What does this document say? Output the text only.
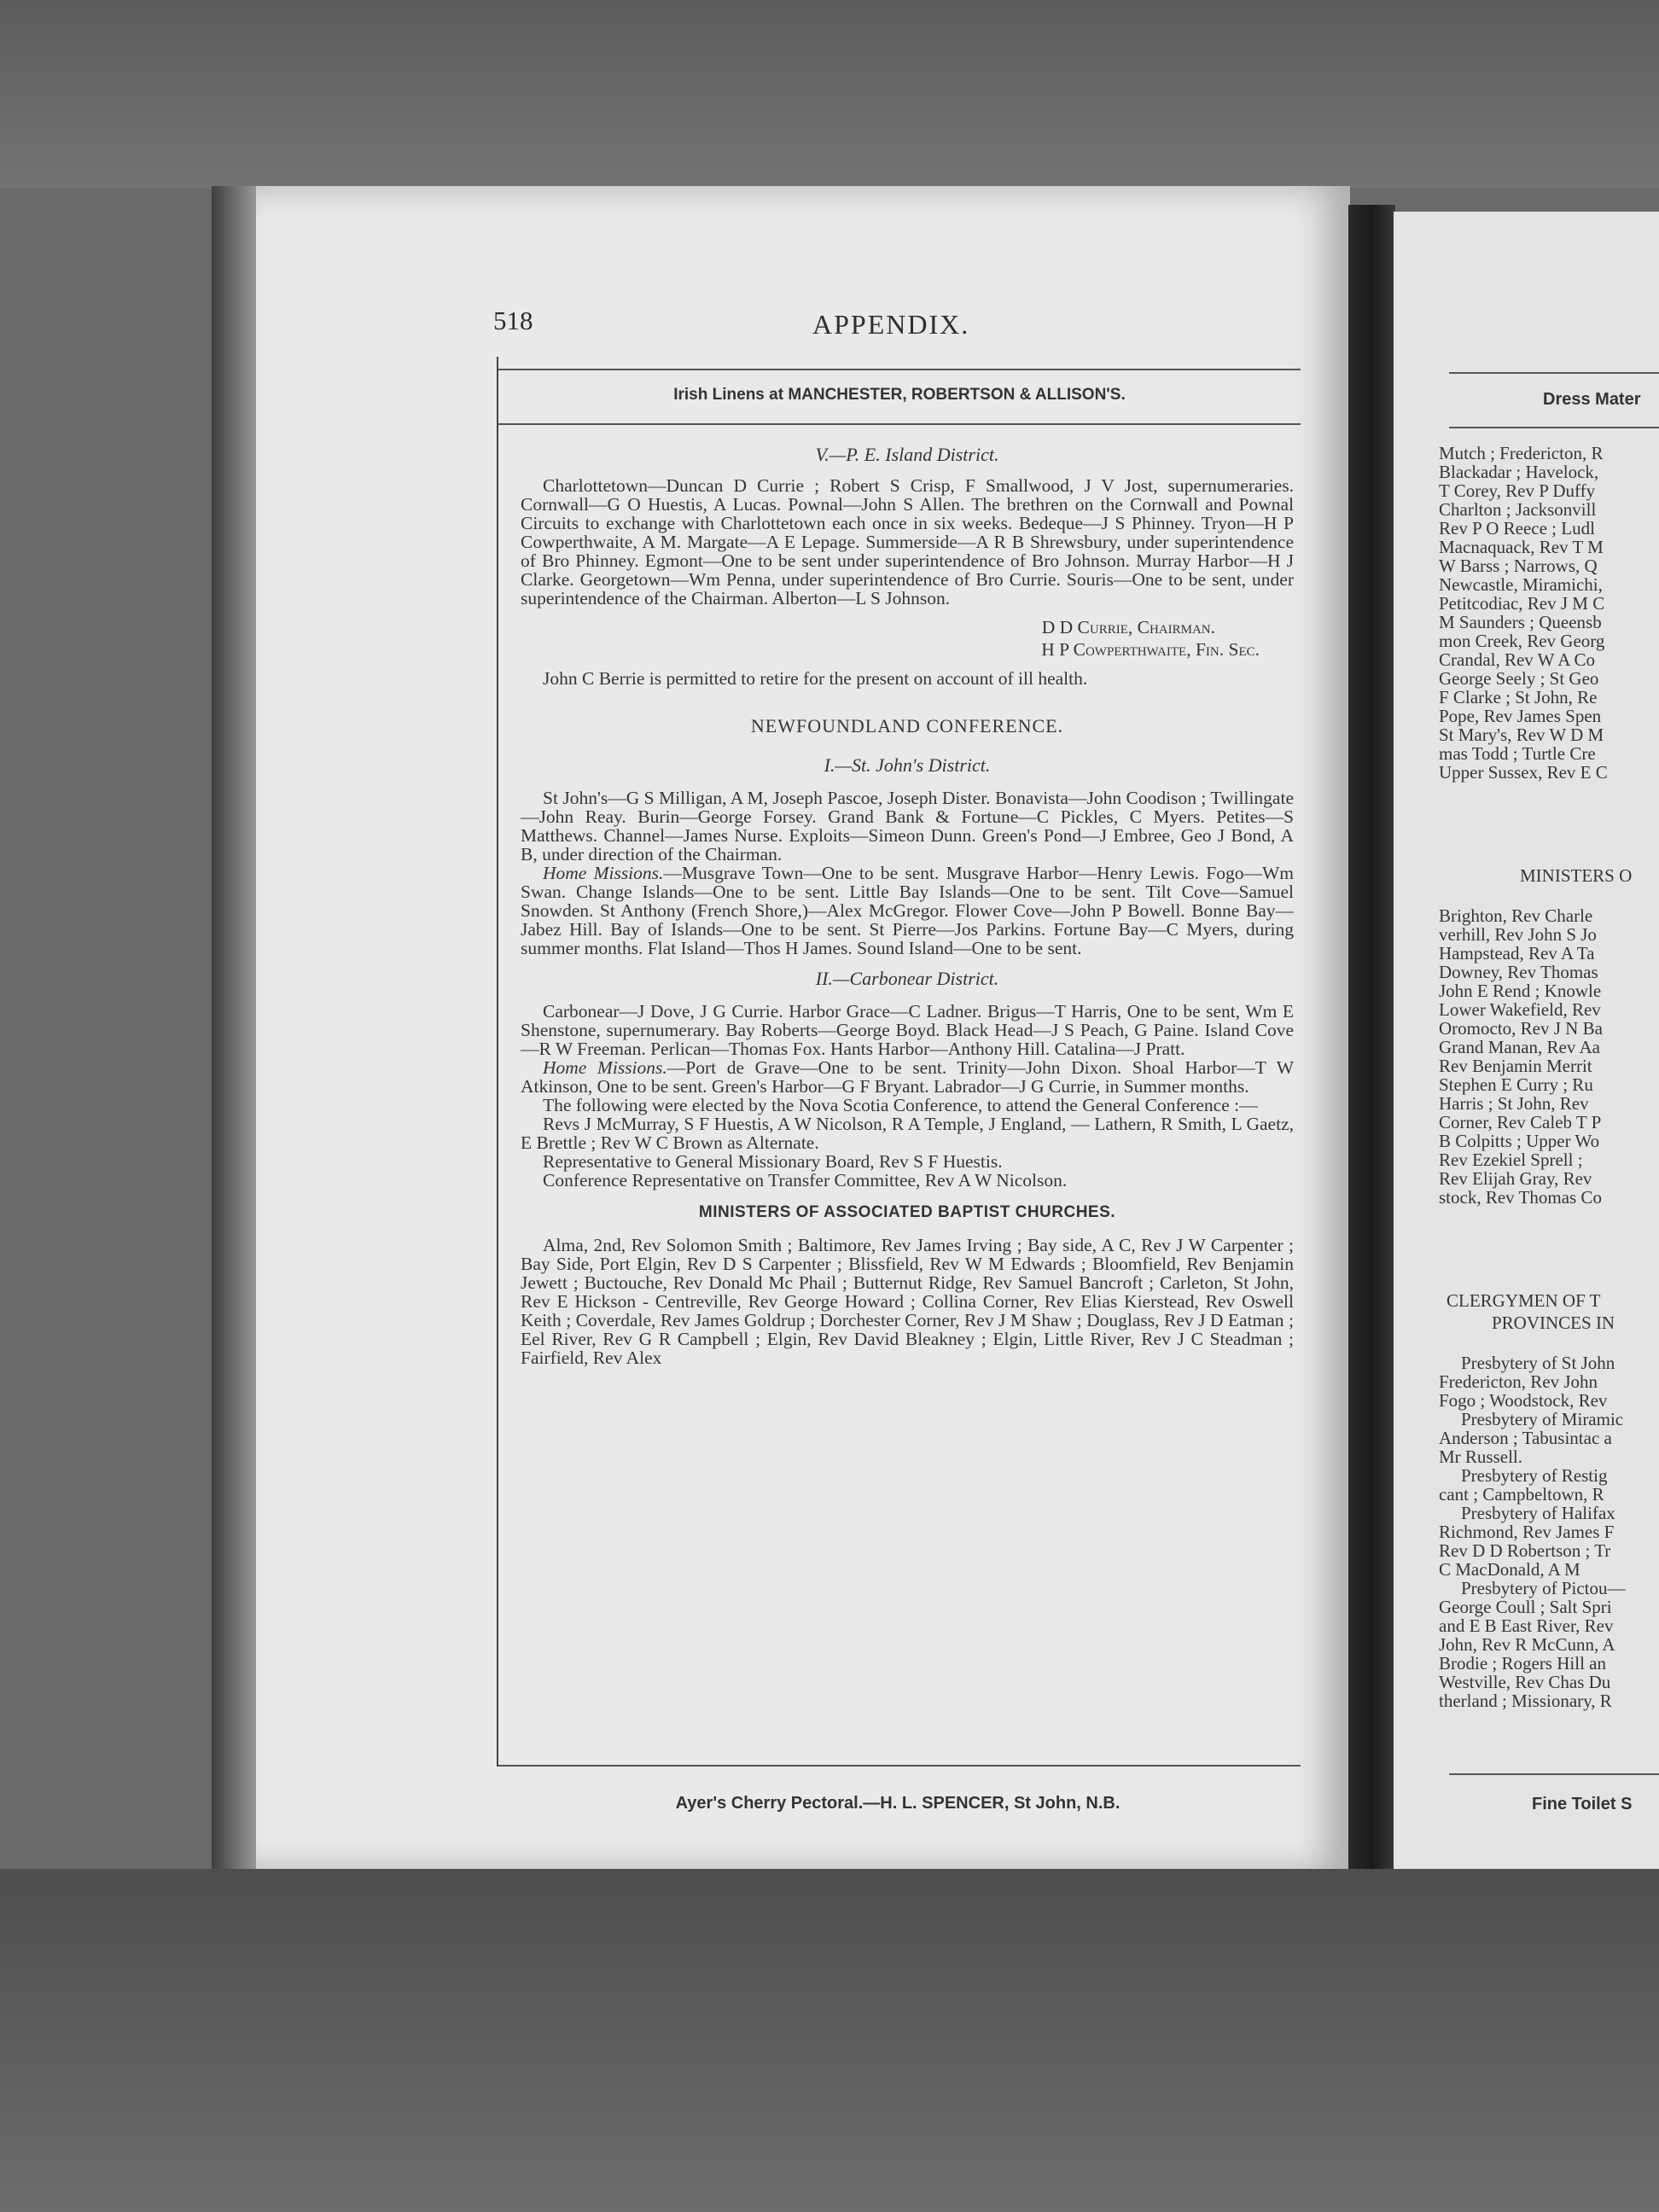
518	APPENDIX.
Irish Linens at MANCHESTER, ROBERTSON & ALLISON'S.

V.—P. E. Island District.

Charlottetown—Duncan D Currie ; Robert S Crisp, F Smallwood, J V Jost, supernumeraries. Cornwall—G O Huestis, A Lucas. Pownal—John S Allen. The brethren on the Cornwall and Pownal Circuits to exchange with Charlottetown each once in six weeks. Bedeque—J S Phinney. Tryon—H P Cowperthwaite, A M. Margate—A E Lepage. Summerside—A R B Shrewsbury, under superintendence of Bro Phinney. Egmont—One to be sent under superintendence of Bro Johnson. Murray Harbor—H J Clarke. Georgetown—Wm Penna, under superintendence of Bro Currie. Souris—One to be sent, under superintendence of the Chairman. Alberton—L S Johnson.

D D Currie, Chairman.

H P Cowperthwaite, Fin. Sec.

John C Berrie is permitted to retire for the present on account of ill health.

NEWFOUNDLAND CONFERENCE.

I.—St. John's District.

St John's—G S Milligan, A M, Joseph Pascoe, Joseph Dister. Bonavista—John Coodison ; Twillingate—John Reay. Burin—George Forsey. Grand Bank & Fortune—C Pickles, C Myers. Petites—S Matthews. Channel—James Nurse. Exploits—Simeon Dunn. Green's Pond—J Embree, Geo J Bond, A B, under direction of the Chairman.

Home Missions.—Musgrave Town—One to be sent. Musgrave Harbor—Henry Lewis. Fogo—Wm Swan. Change Islands—One to be sent. Little Bay Islands—One to be sent. Tilt Cove—Samuel Snowden. St Anthony (French Shore,)—Alex McGregor. Flower Cove—John P Bowell. Bonne Bay—Jabez Hill. Bay of Islands—One to be sent. St Pierre—Jos Parkins. Fortune Bay—C Myers, during summer months. Flat Island—Thos H James. Sound Island—One to be sent.

II.—Carbonear District.

Carbonear—J Dove, J G Currie. Harbor Grace—C Ladner. Brigus—T Harris, One to be sent, Wm E Shenstone, supernumerary. Bay Roberts—George Boyd. Black Head—J S Peach, G Paine. Island Cove—R W Freeman. Perlican—Thomas Fox. Hants Harbor—Anthony Hill. Catalina—J Pratt.

Home Missions.—Port de Grave—One to be sent. Trinity—John Dixon. Shoal Harbor—T W Atkinson, One to be sent. Green's Harbor—G F Bryant. Labrador—J G Currie, in Summer months.

The following were elected by the Nova Scotia Conference, to attend the General Conference :—

Revs J McMurray, S F Huestis, A W Nicolson, R A Temple, J England, — Lathern, R Smith, L Gaetz, E Brettle ; Rev W C Brown as Alternate.

Representative to General Missionary Board, Rev S F Huestis.

Conference Representative on Transfer Committee, Rev A W Nicolson.

MINISTERS OF ASSOCIATED BAPTIST CHURCHES.

Alma, 2nd, Rev Solomon Smith ; Baltimore, Rev James Irving ; Bay side, A C, Rev J W Carpenter ; Bay Side, Port Elgin, Rev D S Carpenter ; Blissfield, Rev W M Edwards ; Bloomfield, Rev Benjamin Jewett ; Buctouche, Rev Donald Mc Phail ; Butternut Ridge, Rev Samuel Bancroft ; Carleton, St John, Rev E Hickson - Centreville, Rev George Howard ; Collina Corner, Rev Elias Kierstead, Rev Oswell Keith ; Coverdale, Rev James Goldrup ; Dorchester Corner, Rev J M Shaw ; Douglass, Rev J D Eatman ; Eel River, Rev G R Campbell ; Elgin, Rev David Bleakney ; Elgin, Little River, Rev J C Steadman ; Fairfield, Rev Alex

Ayer's Cherry Pectoral.—H. L. SPENCER, St John, N.B.
Dress Mater
Mutch ; Fredericton, R
Blackadar ; Havelock,
T Corey, Rev P Duffy
Charlton ; Jacksonvill
Rev P O Reece ; Ludl
Macnaquack, Rev T M
W Barss ; Narrows, Q
Newcastle, Miramichi,
Petitcodiac, Rev J M C
M Saunders ; Queensb
mon Creek, Rev Georg
Crandal, Rev W A Co
George Seely ; St Geo
F Clarke ; St John, Re
Pope, Rev James Spen
St Mary's, Rev W D M
mas Todd ; Turtle Cre
Upper Sussex, Rev E C
MINISTERS O
Brighton, Rev Charle
verhill, Rev John S Jo
Hampstead, Rev A Ta
Downey, Rev Thomas
John E Rend ; Knowle
Lower Wakefield, Rev
Oromocto, Rev J N Ba
Grand Manan, Rev Aa
Rev Benjamin Merrit
Stephen E Curry ; Ru
Harris ; St John, Rev
Corner, Rev Caleb T P
B Colpitts ; Upper Wo
Rev Ezekiel Sprell ;
Rev Elijah Gray, Rev
stock, Rev Thomas Co
CLERGYMEN OF T
PROVINCES IN
Presbytery of St John
Fredericton, Rev John
Fogo ; Woodstock, Rev
Presbytery of Miramic
Anderson ; Tabusintac a
Mr Russell.
Presbytery of Restig
cant ; Campbeltown, R
Presbytery of Halifax
Richmond, Rev James F
Rev D D Robertson ; Tr
C MacDonald, A M
Presbytery of Pictou—
George Coull ; Salt Spri
and E B East River, Rev
John, Rev R McCunn, A
Brodie ; Rogers Hill an
Westville, Rev Chas Du
therland ; Missionary, R
Fine Toilet S
